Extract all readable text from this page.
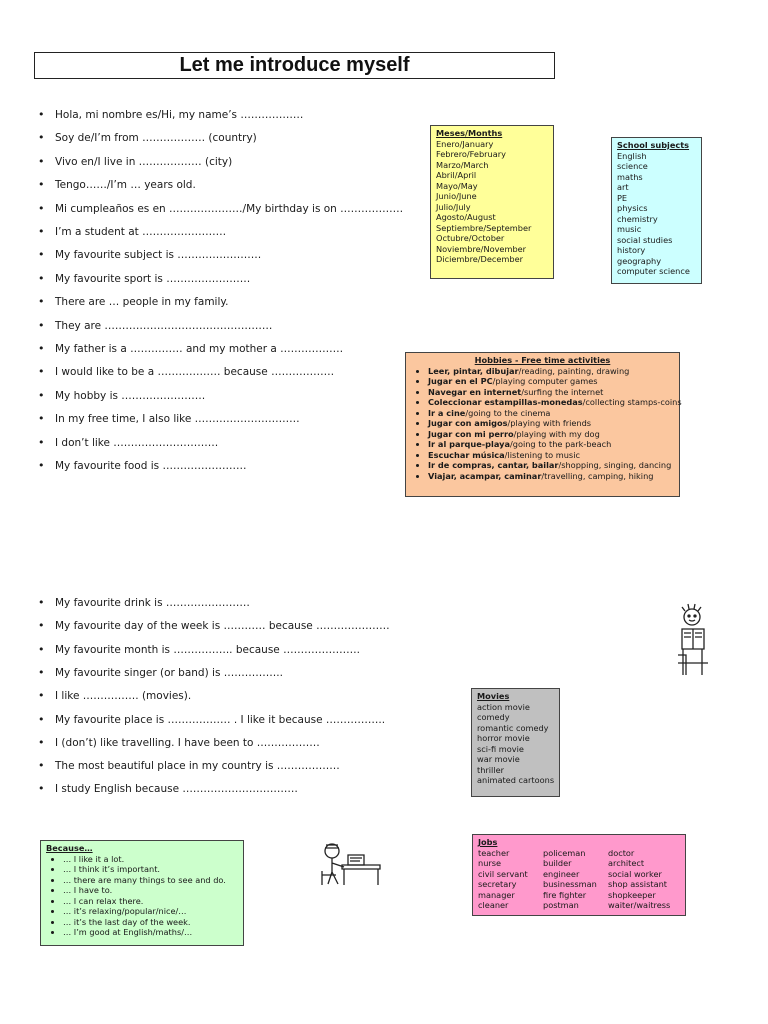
Let me introduce myself
Hola, mi nombre es/Hi, my name’s ………………
Soy de/I’m from ……………… (country)
Vivo en/I live in ……………… (city)
Tengo……/I’m … years old.
Mi cumpleaños es en …………………/My birthday is on ………………
I’m a student at ……………………
My favourite subject is ……………………
My favourite sport is ……………………
There are … people in my family.
They are …………………………………………
My father is a …………… and my mother a ………………
I would like to be a ……………… because ………………
My hobby is ……………………
In my free time, I also like …………………………
I don’t like …………………………
My favourite food is ……………………
My favourite drink is ……………………
My favourite day of the week is ………… because …………………
My favourite month is …………….. because ………………….
My favourite singer (or band) is ……………..
I like ……………. (movies).
My favourite place is ……………… . I like it because ……………..
I (don’t) like travelling. I have been to ………………
The most beautiful place in my country is ………………
I study English because ……………………………
Meses/Months
Enero/January
Febrero/February
Marzo/March
Abril/April
Mayo/May
Junio/June
Julio/July
Agosto/August
Septiembre/September
Octubre/October
Noviembre/November
Diciembre/December
School subjects
English
science
maths
art
PE
physics
chemistry
music
social studies
history
geography
computer science
Hobbies - Free time activities
• Leer, pintar, dibujar/reading, painting, drawing
• Jugar en el PC/playing computer games
• Navegar en internet/surfing the internet
• Coleccionar estampillas-monedas/collecting stamps-coins
• Ir a cine/going to the cinema
• Jugar con amigos/playing with friends
• Jugar con mi perro/playing with my dog
• Ir al parque-playa/going to the park-beach
• Escuchar música/listening to music
• Ir de compras, cantar, bailar/shopping, singing, dancing
• Viajar, acampar, caminar/travelling, camping, hiking
Movies
action movie
comedy
romantic comedy
horror movie
sci-fi movie
war movie
thriller
animated cartoons
Because…
• … I like it a lot.
• … I think it’s important.
• … there are many things to see and do.
• … I have to.
• … I can relax there.
• … it’s relaxing/popular/nice/…
• … it’s the last day of the week.
• … I’m good at English/maths/…
Jobs
teacher	policeman	doctor
nurse	builder	architect
civil servant	engineer	social worker
secretary	businessman	shop assistant
manager	fire fighter	shopkeeper
cleaner	postman	waiter/waitress
